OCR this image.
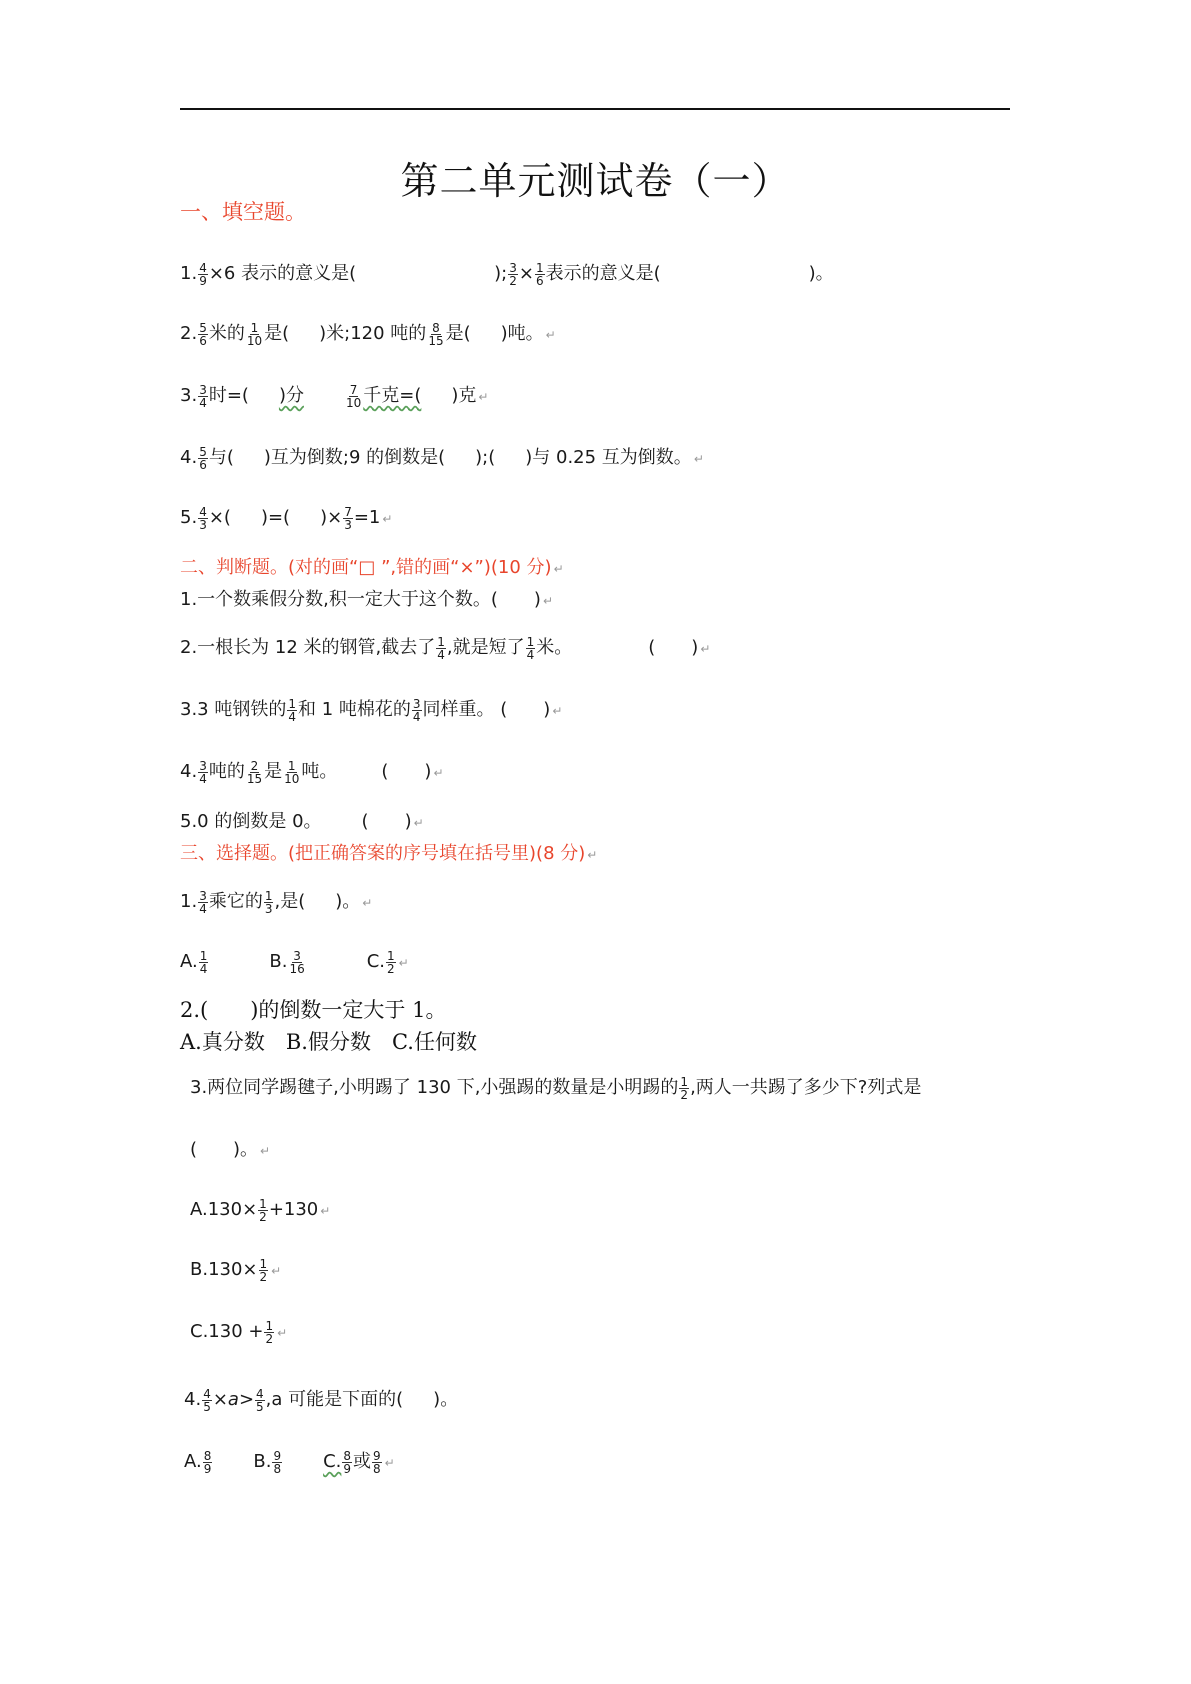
第二单元测试卷（一）
一、填空题。
1. $\frac{4}{9} \times 6$ 表示的意义是(	); $\frac{3}{2} \times \frac{1}{6}$ 表示的意义是(	)。
2. $\frac{5}{6}$ 米的 $\frac{1}{10}$ 是( )米;120 吨的 $\frac{8}{15}$ 是( )吨。 ↵
3. $\frac{3}{4}$ 时=( )分	$\frac{7}{10}$ 千克=( )克 ↵
4. $\frac{5}{6}$ 与( )互为倒数;9 的倒数是( );( )与 0.25 互为倒数。 ↵
5. $\frac{4}{3}$ ×( )=( )× $\frac{7}{3} =1$ ↵
二、判断题。(对的画“□ ”,错的画“×”)(10 分) ↵
1.一个数乘假分数,积一定大于这个数。( ) ↵
2.一根长为 12 米的钢管,截去了 $\frac{1}{4}$ ,就是短了 $\frac{1}{4}$ 米。	( ) ↵
3.3 吨钢铁的 $\frac{1}{4}$ 和 1 吨棉花的 $\frac{3}{4}$ 同样重。 ( ) ↵
4. $\frac{3}{4}$ 吨的 $\frac{2}{15}$ 是 $\frac{1}{10}$ 吨。 ( ) ↵
5.0 的倒数是 0。 ( ) ↵
三、选择题。(把正确答案的序号填在括号里)(8 分) ↵
1. $\frac{3}{4}$ 乘它的 $\frac{1}{3}$ ,是( )。 ↵
A. $\frac{1}{4}$	B. $\frac{3}{16}$	C. $\frac{1}{2}$ ↵
2.(　　)的倒数一定大于 1。
A.真分数　B.假分数　C.任何数
3.两位同学踢毽子,小明踢了 130 下,小强踢的数量是小明踢的 $\frac{1}{2}$ ,两人一共踢了多少下?列式是
(　　)。 ↵
$A.130\times \frac{1}{2} +130$ ↵
$B.130\times \frac{1}{2}$ ↵
$C.130 + \frac{1}{2}$ ↵
4. $\frac{4}{5} \times a> \frac{4}{5} ,a$ 可能是下面的( )。
A. $\frac{8}{9} B$. $\frac{9}{8} C$. $\frac{8}{9}$ 或 $\frac{9}{8}$ ↵
